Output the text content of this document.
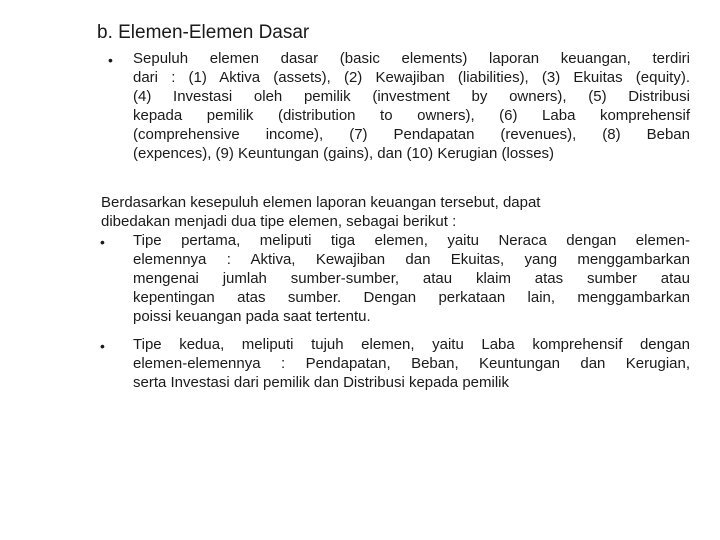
b. Elemen-Elemen Dasar
• Sepuluh elemen dasar (basic elements) laporan keuangan, terdiri
dari : (1) Aktiva (assets), (2) Kewajiban (liabilities), (3) Ekuitas (equity).
(4) Investasi oleh pemilik (investment by owners), (5) Distribusi
kepada pemilik (distribution to owners), (6) Laba komprehensif
(comprehensive income), (7) Pendapatan (revenues), (8) Beban
(expences), (9) Keuntungan (gains), dan (10) Kerugian (losses)
Berdasarkan kesepuluh elemen laporan keuangan tersebut, dapat
dibedakan menjadi dua tipe elemen, sebagai berikut :
• Tipe pertama, meliputi tiga elemen, yaitu Neraca dengan elemen-
elemennya : Aktiva, Kewajiban dan Ekuitas, yang menggambarkan
mengenai jumlah sumber-sumber, atau klaim atas sumber atau
kepentingan atas sumber. Dengan perkataan lain, menggambarkan
poissi keuangan pada saat tertentu.
• Tipe kedua, meliputi tujuh elemen, yaitu Laba komprehensif dengan
elemen-elemennya : Pendapatan, Beban, Keuntungan dan Kerugian,
serta Investasi dari pemilik dan Distribusi kepada pemilik
